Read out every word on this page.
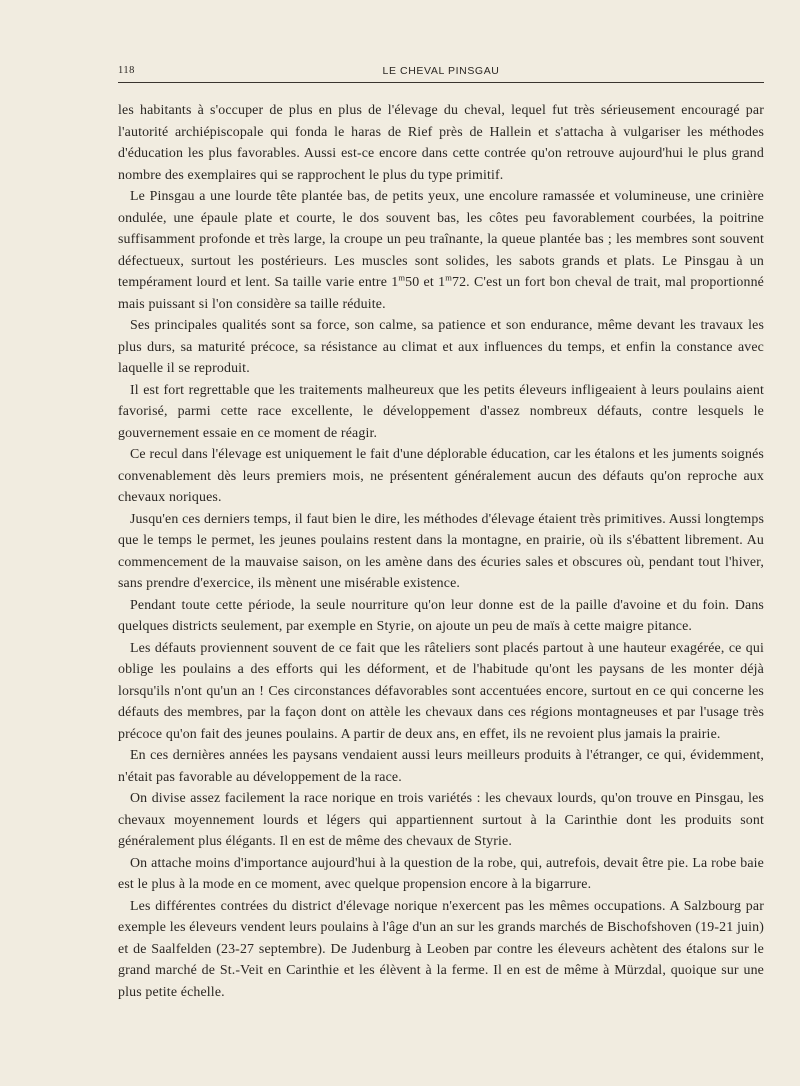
118	LE CHEVAL PINSGAU

les habitants à s'occuper de plus en plus de l'élevage du cheval, lequel fut très sérieusement encouragé par l'autorité archiépiscopale qui fonda le haras de Rief près de Hallein et s'attacha à vulgariser les méthodes d'éducation les plus favorables. Aussi est-ce encore dans cette contrée qu'on retrouve aujourd'hui le plus grand nombre des exemplaires qui se rapprochent le plus du type primitif.

Le Pinsgau a une lourde tête plantée bas, de petits yeux, une encolure ramassée et volumineuse, une crinière ondulée, une épaule plate et courte, le dos souvent bas, les côtes peu favorablement courbées, la poitrine suffisamment profonde et très large, la croupe un peu traînante, la queue plantée bas ; les membres sont souvent défectueux, surtout les postérieurs. Les muscles sont solides, les sabots grands et plats. Le Pinsgau à un tempérament lourd et lent. Sa taille varie entre 1$^m$50 et 1$^m$72. C'est un fort bon cheval de trait, mal proportionné mais puissant si l'on considère sa taille réduite.

Ses principales qualités sont sa force, son calme, sa patience et son endurance, même devant les travaux les plus durs, sa maturité précoce, sa résistance au climat et aux influences du temps, et enfin la constance avec laquelle il se reproduit.

Il est fort regrettable que les traitements malheureux que les petits éleveurs infligeaient à leurs poulains aient favorisé, parmi cette race excellente, le développement d'assez nombreux défauts, contre lesquels le gouvernement essaie en ce moment de réagir.

Ce recul dans l'élevage est uniquement le fait d'une déplorable éducation, car les étalons et les juments soignés convenablement dès leurs premiers mois, ne présentent généralement aucun des défauts qu'on reproche aux chevaux noriques.

Jusqu'en ces derniers temps, il faut bien le dire, les méthodes d'élevage étaient très primitives. Aussi longtemps que le temps le permet, les jeunes poulains restent dans la montagne, en prairie, où ils s'ébattent librement. Au commencement de la mauvaise saison, on les amène dans des écuries sales et obscures où, pendant tout l'hiver, sans prendre d'exercice, ils mènent une misérable existence.

Pendant toute cette période, la seule nourriture qu'on leur donne est de la paille d'avoine et du foin. Dans quelques districts seulement, par exemple en Styrie, on ajoute un peu de maïs à cette maigre pitance.

Les défauts proviennent souvent de ce fait que les râteliers sont placés partout à une hauteur exagérée, ce qui oblige les poulains a des efforts qui les déforment, et de l'habitude qu'ont les paysans de les monter déjà lorsqu'ils n'ont qu'un an ! Ces circonstances défavorables sont accentuées encore, surtout en ce qui concerne les défauts des membres, par la façon dont on attèle les chevaux dans ces régions montagneuses et par l'usage très précoce qu'on fait des jeunes poulains. A partir de deux ans, en effet, ils ne revoient plus jamais la prairie.

En ces dernières années les paysans vendaient aussi leurs meilleurs produits à l'étranger, ce qui, évidemment, n'était pas favorable au développement de la race.

On divise assez facilement la race norique en trois variétés : les chevaux lourds, qu'on trouve en Pinsgau, les chevaux moyennement lourds et légers qui appartiennent surtout à la Carinthie dont les produits sont généralement plus élégants. Il en est de même des chevaux de Styrie.

On attache moins d'importance aujourd'hui à la question de la robe, qui, autrefois, devait être pie. La robe baie est le plus à la mode en ce moment, avec quelque propension encore à la bigarrure.

Les différentes contrées du district d'élevage norique n'exercent pas les mêmes occupations. A Salzbourg par exemple les éleveurs vendent leurs poulains à l'âge d'un an sur les grands marchés de Bischofshoven (19-21 juin) et de Saalfelden (23-27 septembre). De Judenburg à Leoben par contre les éleveurs achètent des étalons sur le grand marché de St.-Veit en Carinthie et les élèvent à la ferme. Il en est de même à Mürzdal, quoique sur une plus petite échelle.
